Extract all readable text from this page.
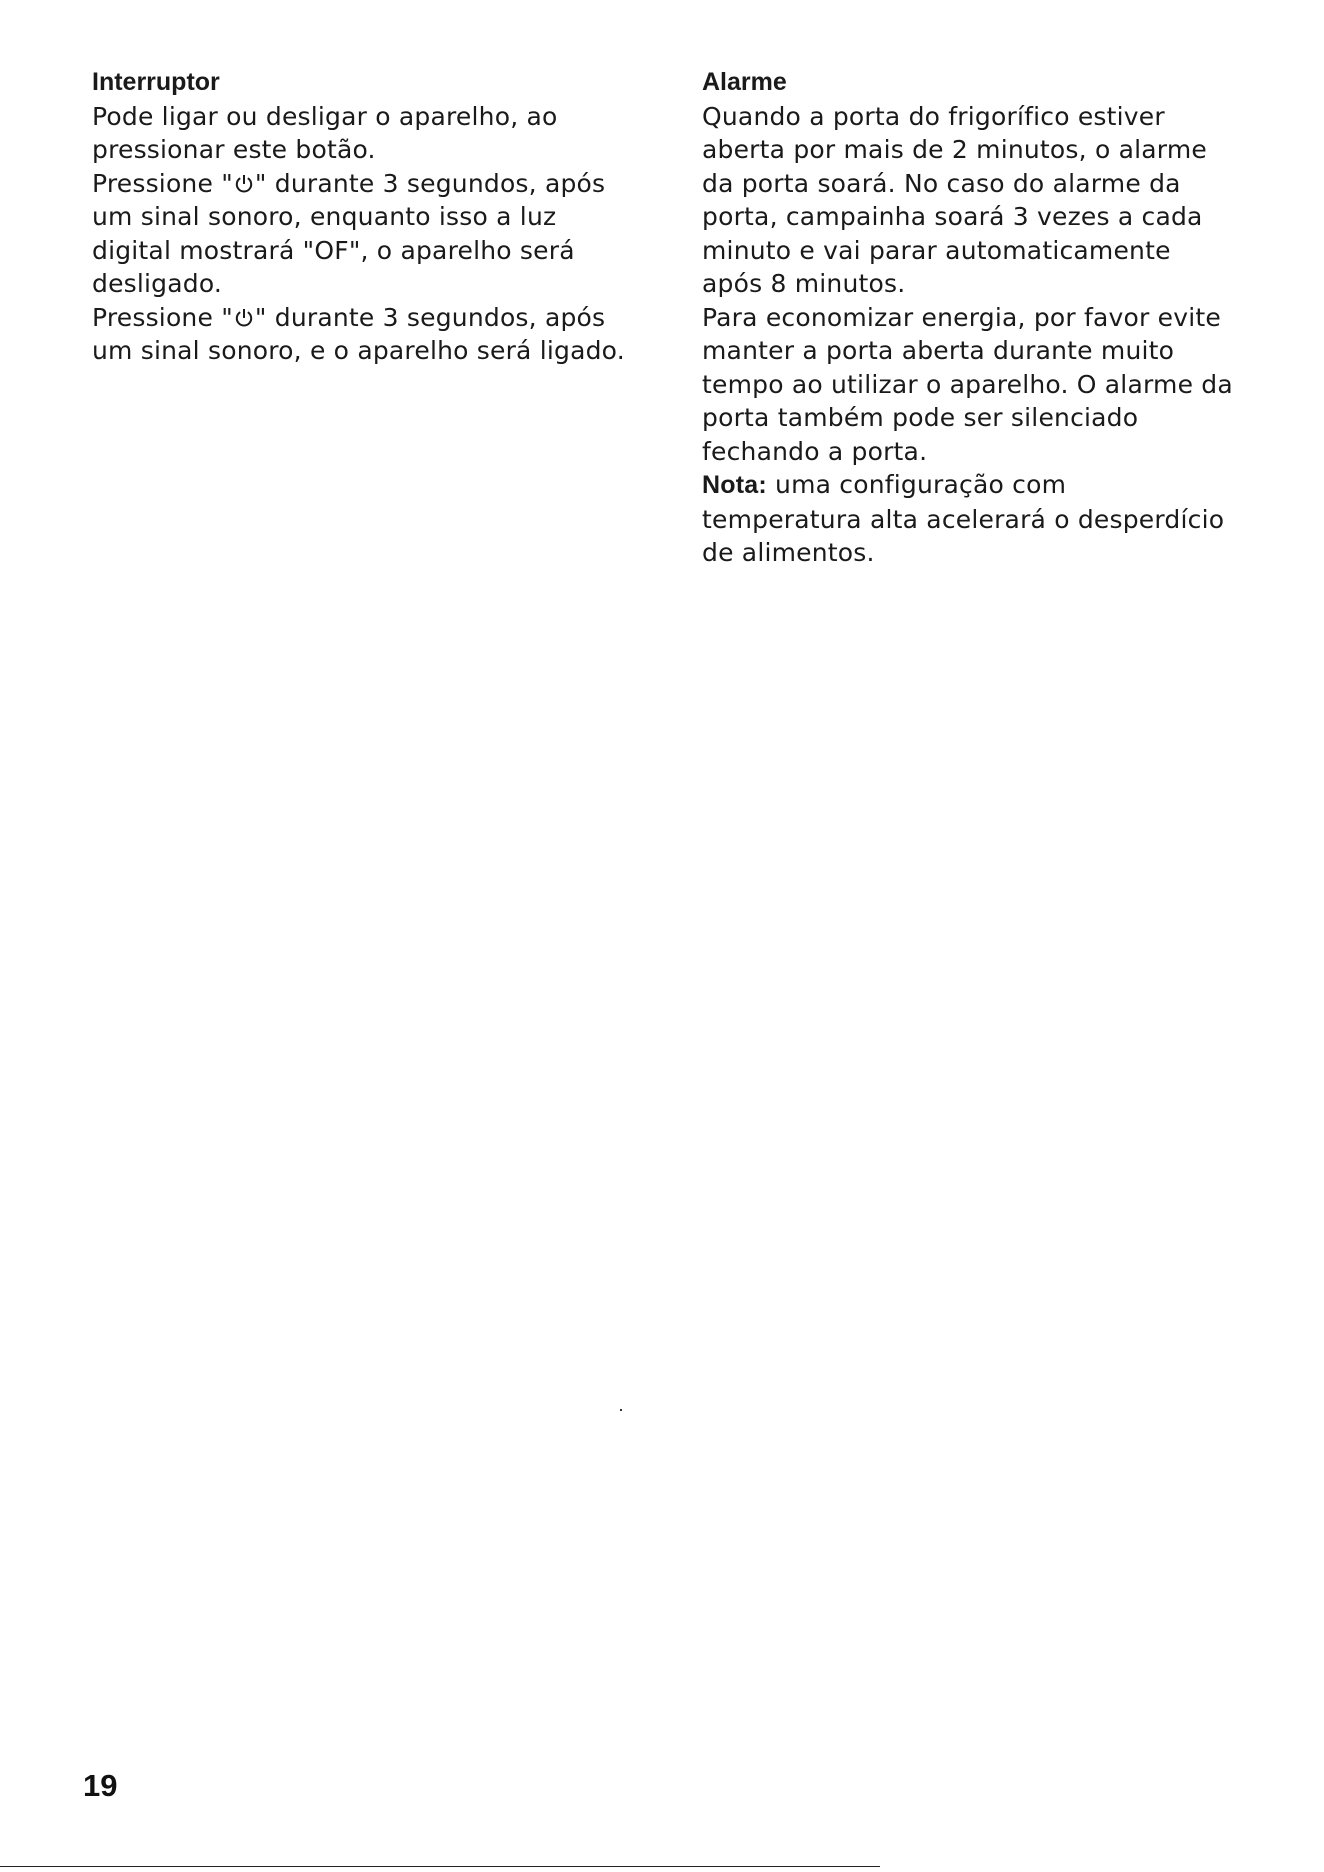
Interruptor
Pode ligar ou desligar o aparelho, ao
pressionar este botão.
Pressione " " durante 3 segundos, após
um sinal sonoro, enquanto isso a luz
digital mostrará "OF", o aparelho será
desligado.
Pressione " " durante 3 segundos, após
um sinal sonoro, e o aparelho será ligado.
Alarme
Quando a porta do frigorífico estiver
aberta por mais de 2 minutos, o alarme
da porta soará. No caso do alarme da
porta, campainha soará 3 vezes a cada
minuto e vai parar automaticamente
após 8 minutos.
Para economizar energia, por favor evite
manter a porta aberta durante muito
tempo ao utilizar o aparelho. O alarme da
porta também pode ser silenciado
fechando a porta.
Nota: uma configuração com
temperatura alta acelerará o desperdício
de alimentos.
19
